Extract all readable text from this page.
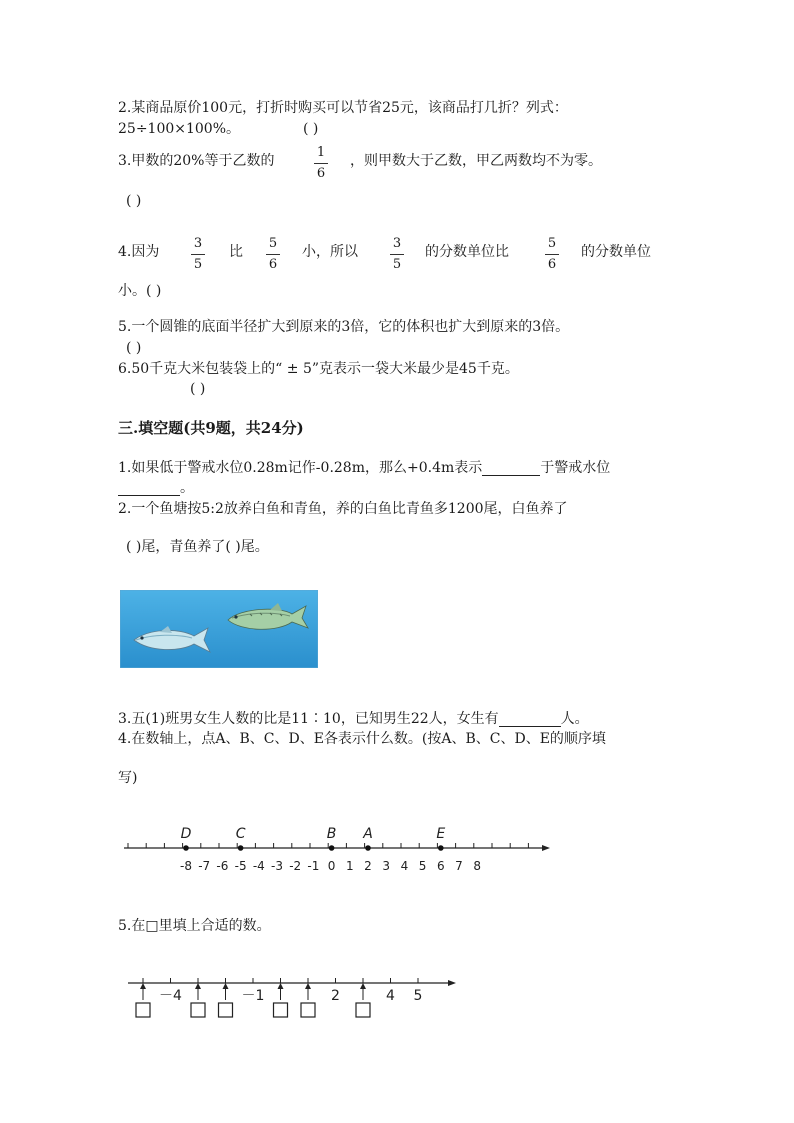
2.某商品原价100元，打折时购买可以节省25元，该商品打几折？列式：
25÷100×100%。	( )
3.甲数的20%等于乙数的
1
6
，则甲数大于乙数，甲乙两数均不为零。
( )
4.因为
3
5
比
5
6
小，所以
3
5
的分数单位比
5
6
的分数单位
小。( )
5.一个圆锥的底面半径扩大到原来的3倍，它的体积也扩大到原来的3倍。
( )
6.50千克大米包装袋上的“ ± 5”克表示一袋大米最少是45千克。
( )
三.填空题(共9题，共24分)
1.如果低于警戒水位0.28m记作-0.28m，那么+0.4m表示	于警戒水位
。
2.一个鱼塘按5:2放养白鱼和青鱼，养的白鱼比青鱼多1200尾，白鱼养了
( )尾，青鱼养了( )尾。
3.五(1)班男女生人数的比是11∶10，已知男生22人，女生有	人。
4.在数轴上，点A、B、C、D、E各表示什么数。(按A、B、C、D、E的顺序填
写)
-8 -7 -6 -5 -4 -3 -2 -1 0 1 2 3 4 5 6 7 8
D	C	B A	E
5.在□里填上合适的数。
－4	－1	2	4 5
